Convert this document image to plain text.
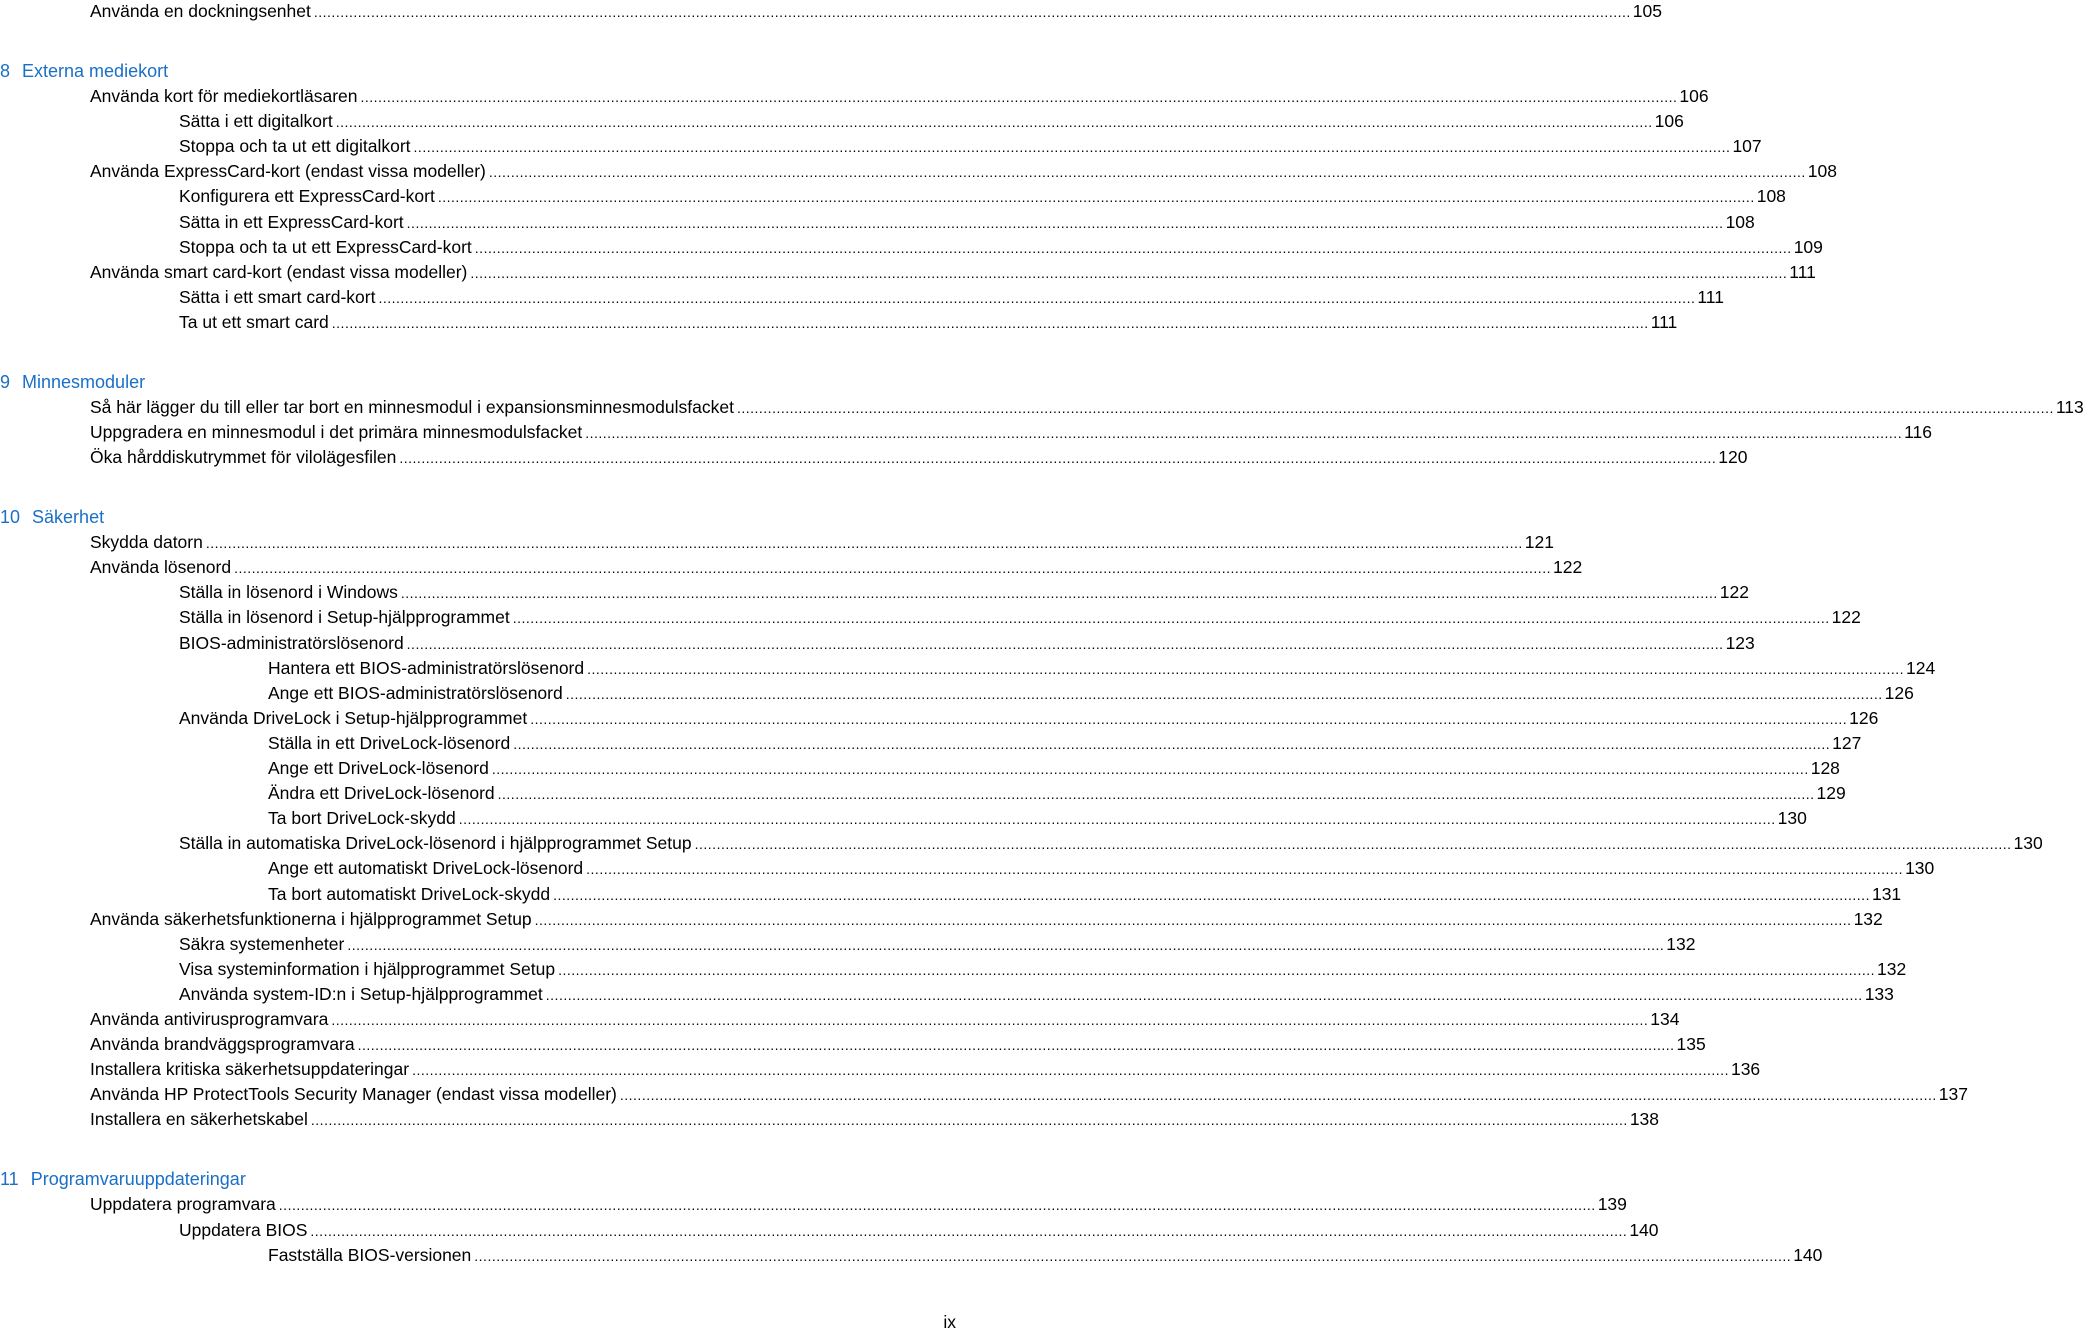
Använda en dockningsenhet ............................................................................................................................................................................................................................................................................................................ 105
8 Externa mediekort
Använda kort för mediekortläsaren ............................................................................................................................................................................................................................................................................................................ 106
Sätta i ett digitalkort ............................................................................................................................................................................................................................................................................................................ 106
Stoppa och ta ut ett digitalkort ............................................................................................................................................................................................................................................................................................................ 107
Använda ExpressCard-kort (endast vissa modeller) ............................................................................................................................................................................................................................................................................................................ 108
Konfigurera ett ExpressCard-kort ............................................................................................................................................................................................................................................................................................................ 108
Sätta in ett ExpressCard-kort ............................................................................................................................................................................................................................................................................................................ 108
Stoppa och ta ut ett ExpressCard-kort ............................................................................................................................................................................................................................................................................................................ 109
Använda smart card-kort (endast vissa modeller) ............................................................................................................................................................................................................................................................................................................ 111
Sätta i ett smart card-kort ............................................................................................................................................................................................................................................................................................................ 111
Ta ut ett smart card ............................................................................................................................................................................................................................................................................................................ 111
9 Minnesmoduler
Så här lägger du till eller tar bort en minnesmodul i expansionsminnesmodulsfacket ............................................................................................................................................................................................................................................................................................................ 113
Uppgradera en minnesmodul i det primära minnesmodulsfacket ............................................................................................................................................................................................................................................................................................................ 116
Öka hårddiskutrymmet för vilolägesfilen ............................................................................................................................................................................................................................................................................................................ 120
10 Säkerhet
Skydda datorn ............................................................................................................................................................................................................................................................................................................ 121
Använda lösenord ............................................................................................................................................................................................................................................................................................................ 122
Ställa in lösenord i Windows ............................................................................................................................................................................................................................................................................................................ 122
Ställa in lösenord i Setup-hjälpprogrammet ............................................................................................................................................................................................................................................................................................................ 122
BIOS-administratörslösenord ............................................................................................................................................................................................................................................................................................................ 123
Hantera ett BIOS-administratörslösenord ............................................................................................................................................................................................................................................................................................................ 124
Ange ett BIOS-administratörslösenord ............................................................................................................................................................................................................................................................................................................ 126
Använda DriveLock i Setup-hjälpprogrammet ............................................................................................................................................................................................................................................................................................................ 126
Ställa in ett DriveLock-lösenord ............................................................................................................................................................................................................................................................................................................ 127
Ange ett DriveLock-lösenord ............................................................................................................................................................................................................................................................................................................ 128
Ändra ett DriveLock-lösenord ............................................................................................................................................................................................................................................................................................................ 129
Ta bort DriveLock-skydd ............................................................................................................................................................................................................................................................................................................ 130
Ställa in automatiska DriveLock-lösenord i hjälpprogrammet Setup ............................................................................................................................................................................................................................................................................................................ 130
Ange ett automatiskt DriveLock-lösenord ............................................................................................................................................................................................................................................................................................................ 130
Ta bort automatiskt DriveLock-skydd ............................................................................................................................................................................................................................................................................................................ 131
Använda säkerhetsfunktionerna i hjälpprogrammet Setup ............................................................................................................................................................................................................................................................................................................ 132
Säkra systemenheter ............................................................................................................................................................................................................................................................................................................ 132
Visa systeminformation i hjälpprogrammet Setup ............................................................................................................................................................................................................................................................................................................ 132
Använda system-ID:n i Setup-hjälpprogrammet ............................................................................................................................................................................................................................................................................................................ 133
Använda antivirusprogramvara ............................................................................................................................................................................................................................................................................................................ 134
Använda brandväggsprogramvara ............................................................................................................................................................................................................................................................................................................ 135
Installera kritiska säkerhetsuppdateringar ............................................................................................................................................................................................................................................................................................................ 136
Använda HP ProtectTools Security Manager (endast vissa modeller) ............................................................................................................................................................................................................................................................................................................ 137
Installera en säkerhetskabel ............................................................................................................................................................................................................................................................................................................ 138
11 Programvaruuppdateringar
Uppdatera programvara ............................................................................................................................................................................................................................................................................................................ 139
Uppdatera BIOS ............................................................................................................................................................................................................................................................................................................ 140
Fastställa BIOS-versionen ............................................................................................................................................................................................................................................................................................................ 140
ix
